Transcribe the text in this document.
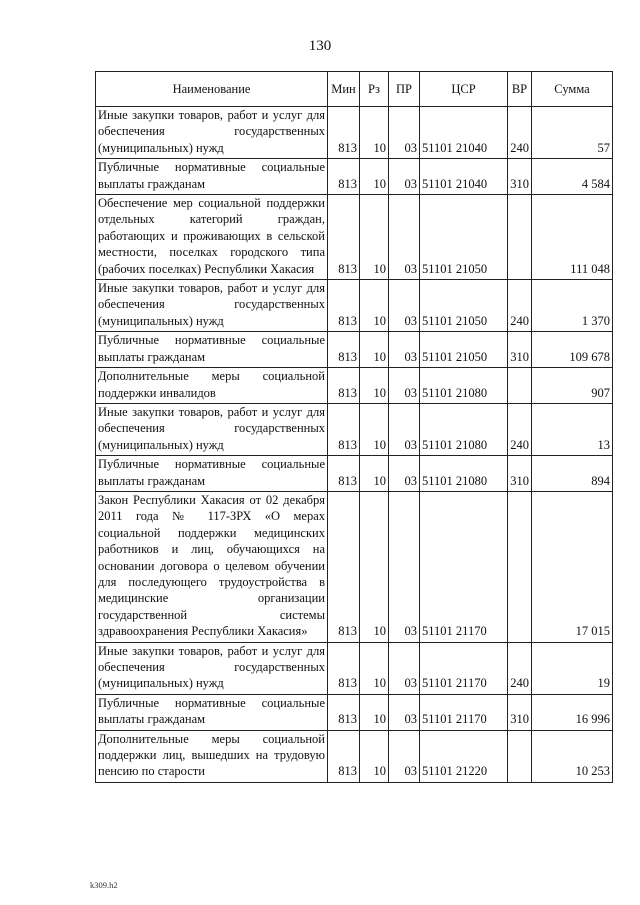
130
Наименование	Мин	Рз	ПР	ЦСР	ВР	Сумма
Иные закупки товаров, работ и услуг для обеспечения государственных (муниципальных) нужд	813	10	03	51101 21040	240	57
Публичные нормативные социальные выплаты гражданам	813	10	03	51101 21040	310	4 584
Обеспечение мер социальной поддержки отдельных категорий граждан, работающих и проживающих в сельской местности, поселках городского типа (рабочих поселках) Республики Хакасия	813	10	03	51101 21050		111 048
Иные закупки товаров, работ и услуг для обеспечения государственных (муниципальных) нужд	813	10	03	51101 21050	240	1 370
Публичные нормативные социальные выплаты гражданам	813	10	03	51101 21050	310	109 678
Дополнительные меры социальной поддержки инвалидов	813	10	03	51101 21080		907
Иные закупки товаров, работ и услуг для обеспечения государственных (муниципальных) нужд	813	10	03	51101 21080	240	13
Публичные нормативные социальные выплаты гражданам	813	10	03	51101 21080	310	894
Закон Республики Хакасия от 02 декабря 2011 года № 117-ЗРХ «О мерах социальной поддержки медицинских работников и лиц, обучающихся на основании договора о целевом обучении для последующего трудоустройства в медицинские организации государственной системы здравоохранения Республики Хакасия»	813	10	03	51101 21170		17 015
Иные закупки товаров, работ и услуг для обеспечения государственных (муниципальных) нужд	813	10	03	51101 21170	240	19
Публичные нормативные социальные выплаты гражданам	813	10	03	51101 21170	310	16 996
Дополнительные меры социальной поддержки лиц, вышедших на трудовую пенсию по старости	813	10	03	51101 21220		10 253
k309.h2
